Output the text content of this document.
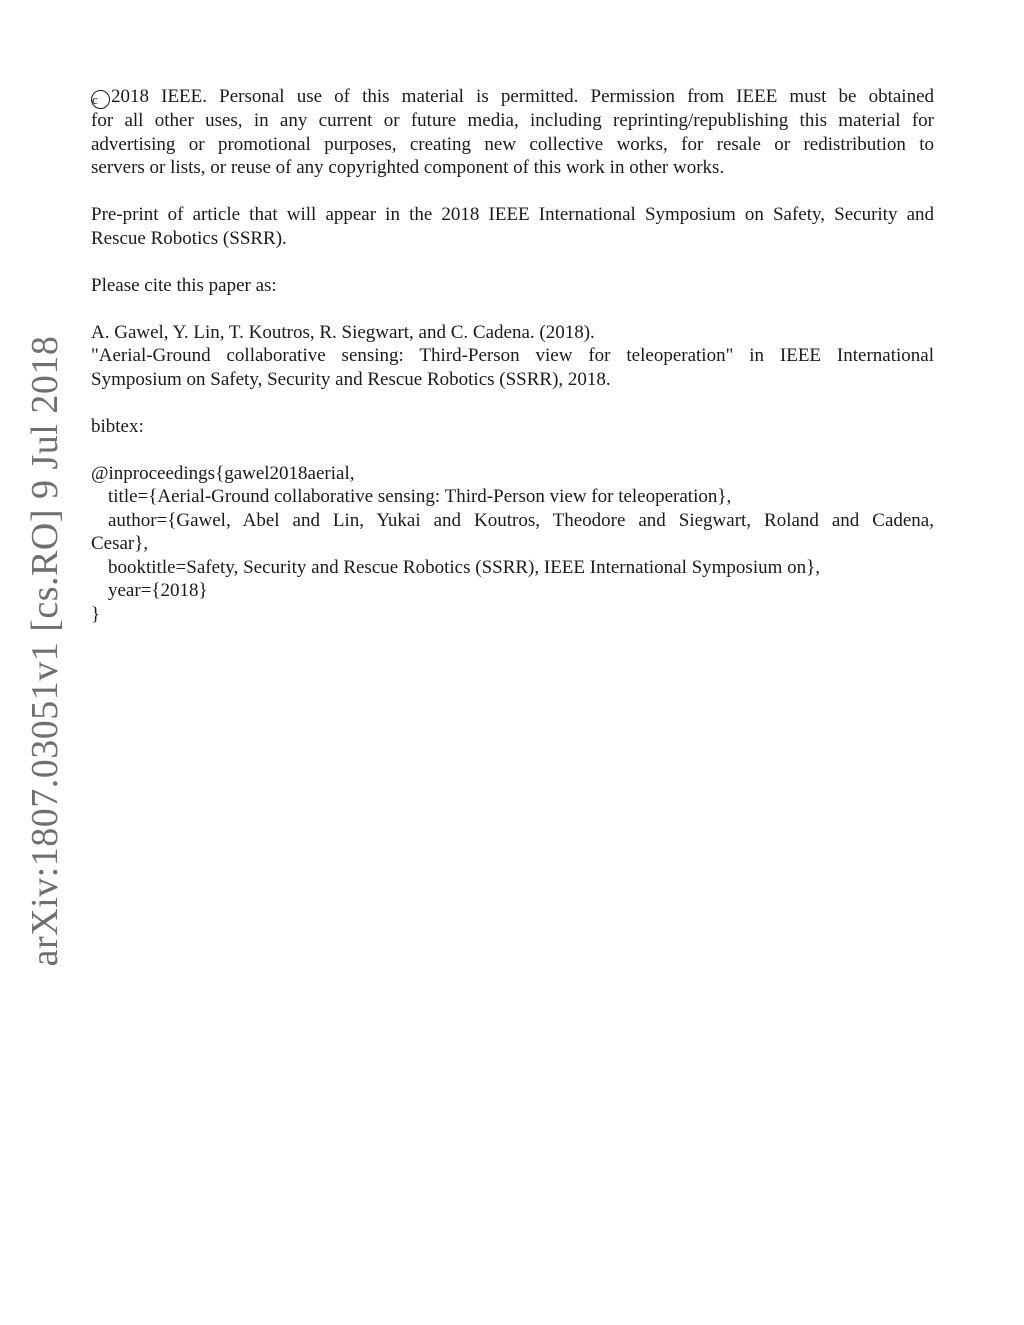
arXiv:1807.03051v1 [cs.RO] 9 Jul 2018
c 2018 IEEE. Personal use of this material is permitted. Permission from IEEE must be obtained
for all other uses, in any current or future media, including reprinting/republishing this material for
advertising or promotional purposes, creating new collective works, for resale or redistribution to
servers or lists, or reuse of any copyrighted component of this work in other works.
Pre-print of article that will appear in the 2018 IEEE International Symposium on Safety, Security and
Rescue Robotics (SSRR).
Please cite this paper as:
A. Gawel, Y. Lin, T. Koutros, R. Siegwart, and C. Cadena. (2018).
"Aerial-Ground collaborative sensing: Third-Person view for teleoperation" in IEEE International
Symposium on Safety, Security and Rescue Robotics (SSRR), 2018.
bibtex:
@inproceedings{gawel2018aerial,
title={Aerial-Ground collaborative sensing: Third-Person view for teleoperation},
author={Gawel, Abel and Lin, Yukai and Koutros, Theodore and Siegwart, Roland and Cadena,
Cesar},
booktitle=Safety, Security and Rescue Robotics (SSRR), IEEE International Symposium on},
year={2018}
}
